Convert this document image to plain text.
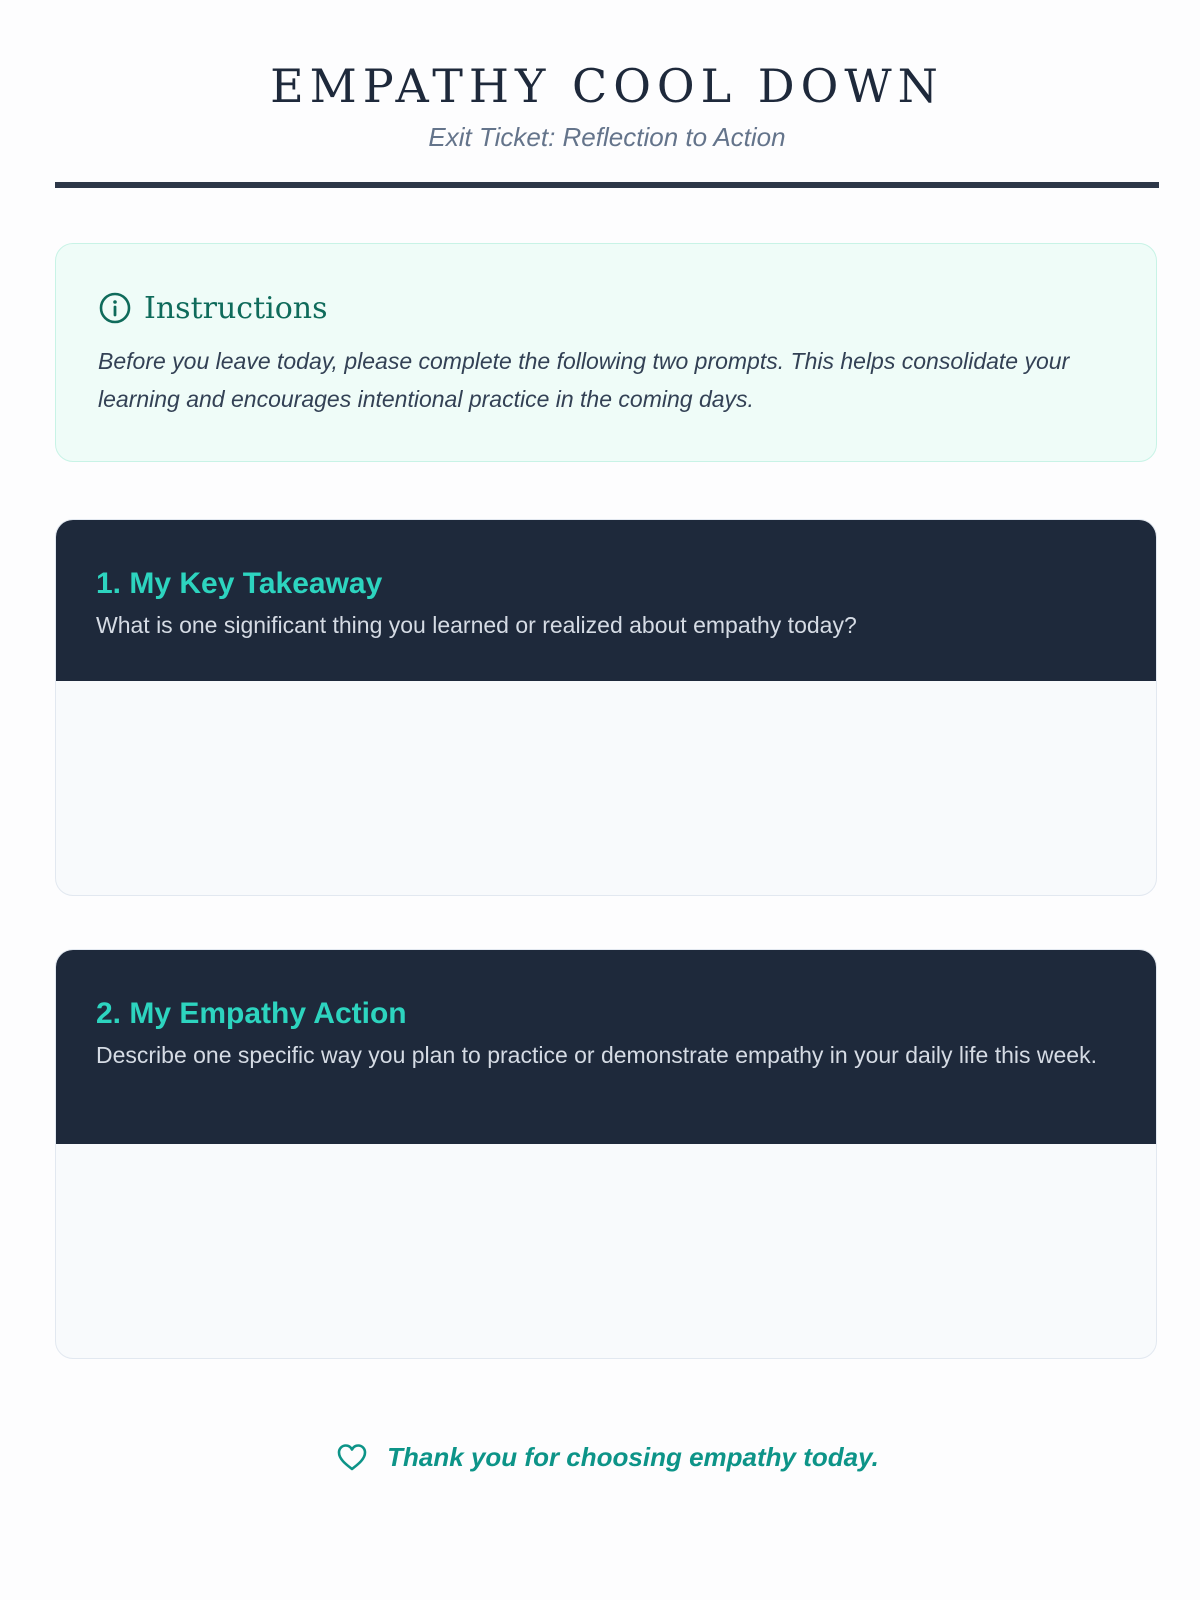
EMPATHY COOL DOWN
Exit Ticket: Reflection to Action
Instructions
Before you leave today, please complete the following two prompts. This helps consolidate your learning and encourages intentional practice in the coming days.
1. My Key Takeaway
What is one significant thing you learned or realized about empathy today?
2. My Empathy Action
Describe one specific way you plan to practice or demonstrate empathy in your daily life this week.
Thank you for choosing empathy today.
